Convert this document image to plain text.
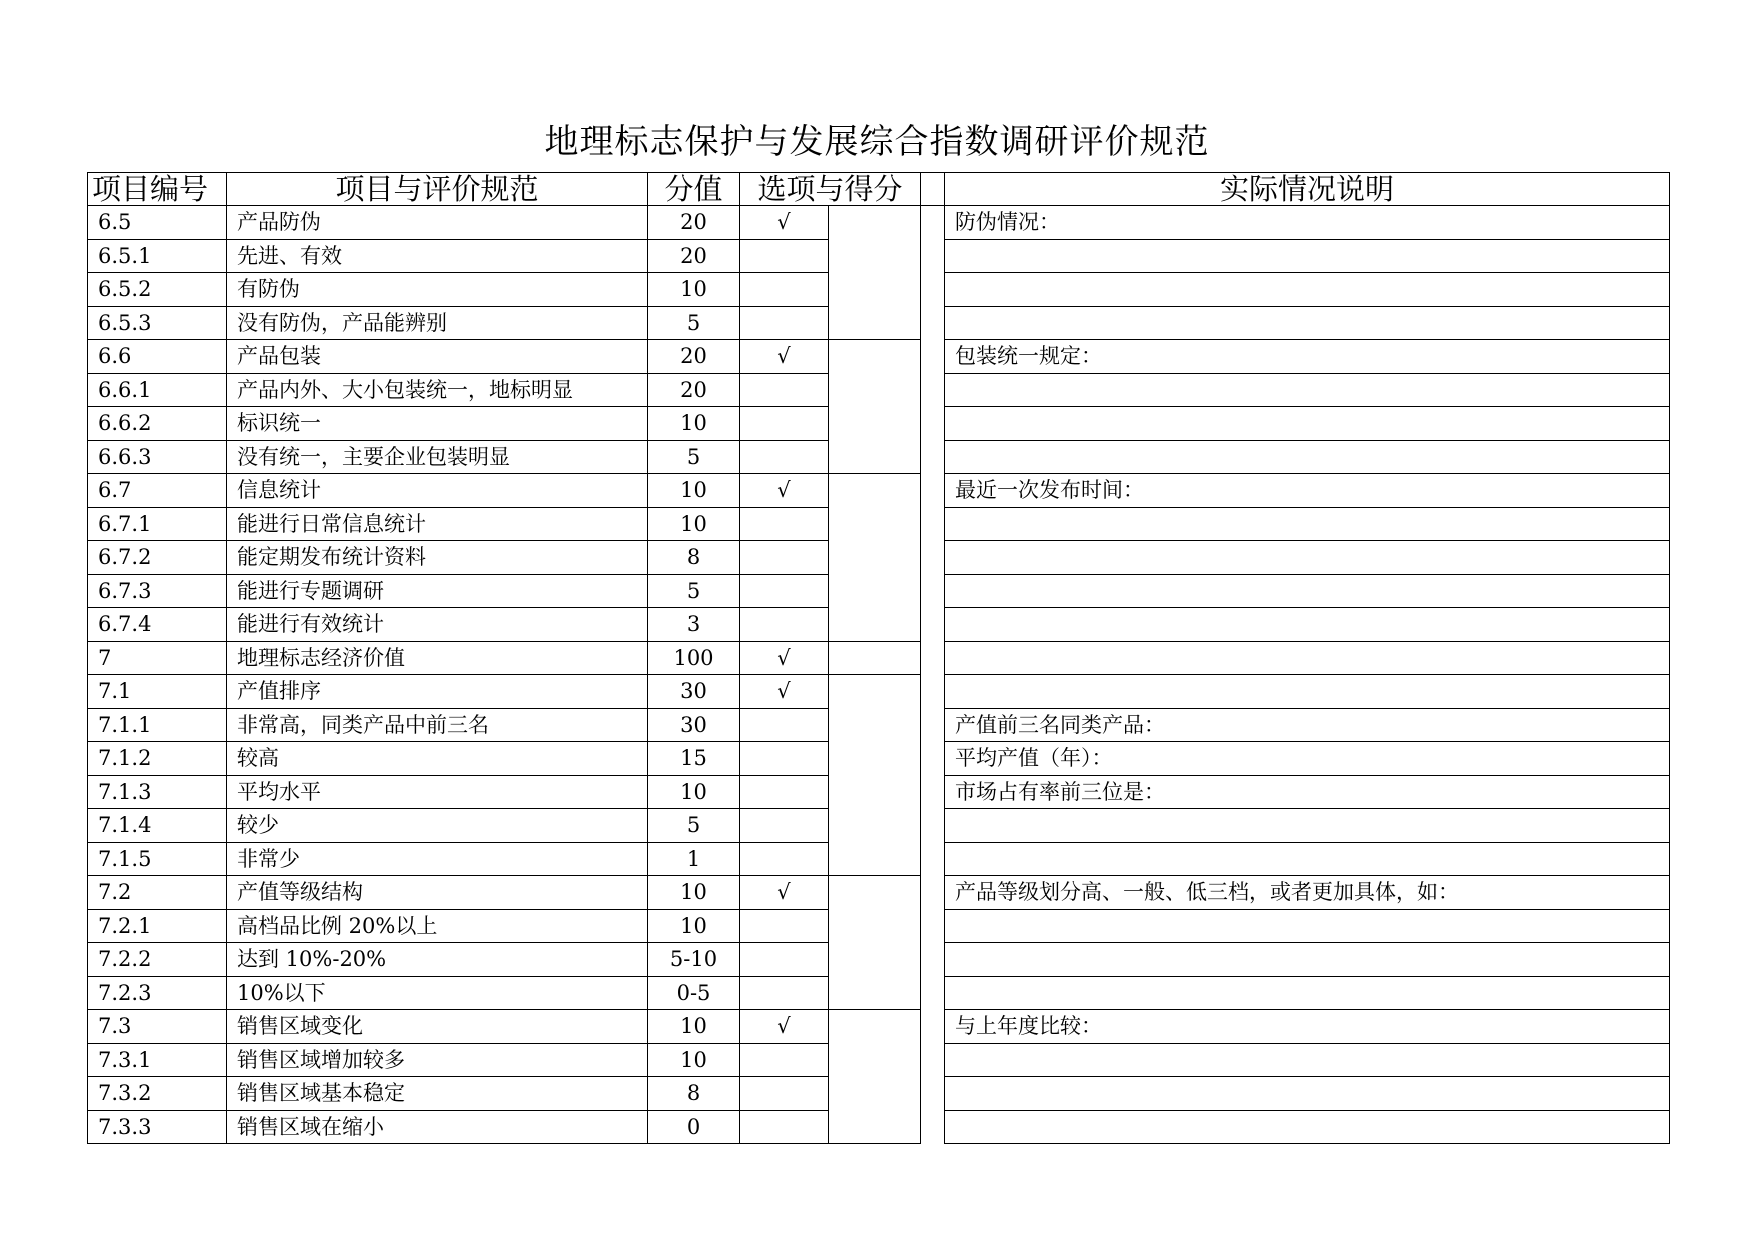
地理标志保护与发展综合指数调研评价规范
项目编号	项目与评价规范	分值	选项与得分			实际情况说明
6.5	产品防伪	20	√			防伪情况：
6.5.1	先进、有效	20				
6.5.2	有防伪	10				
6.5.3	没有防伪，产品能辨别	5				
6.6	产品包装	20	√			包装统一规定：
6.6.1	产品内外、大小包装统一，地标明显	20				
6.6.2	标识统一	10				
6.6.3	没有统一，主要企业包装明显	5				
6.7	信息统计	10	√			最近一次发布时间：
6.7.1	能进行日常信息统计	10				
6.7.2	能定期发布统计资料	8				
6.7.3	能进行专题调研	5				
6.7.4	能进行有效统计	3				
7	地理标志经济价值	100	√			
7.1	产值排序	30	√			
7.1.1	非常高，同类产品中前三名	30				产值前三名同类产品：
7.1.2	较高	15				平均产值（年）：
7.1.3	平均水平	10				市场占有率前三位是：
7.1.4	较少	5				
7.1.5	非常少	1				
7.2	产值等级结构	10	√			产品等级划分高、一般、低三档，或者更加具体，如：
7.2.1	高档品比例 20%以上	10				
7.2.2	达到 10%-20%	5-10				
7.2.3	10%以下	0-5				
7.3	销售区域变化	10	√			与上年度比较：
7.3.1	销售区域增加较多	10				
7.3.2	销售区域基本稳定	8				
7.3.3	销售区域在缩小	0				
